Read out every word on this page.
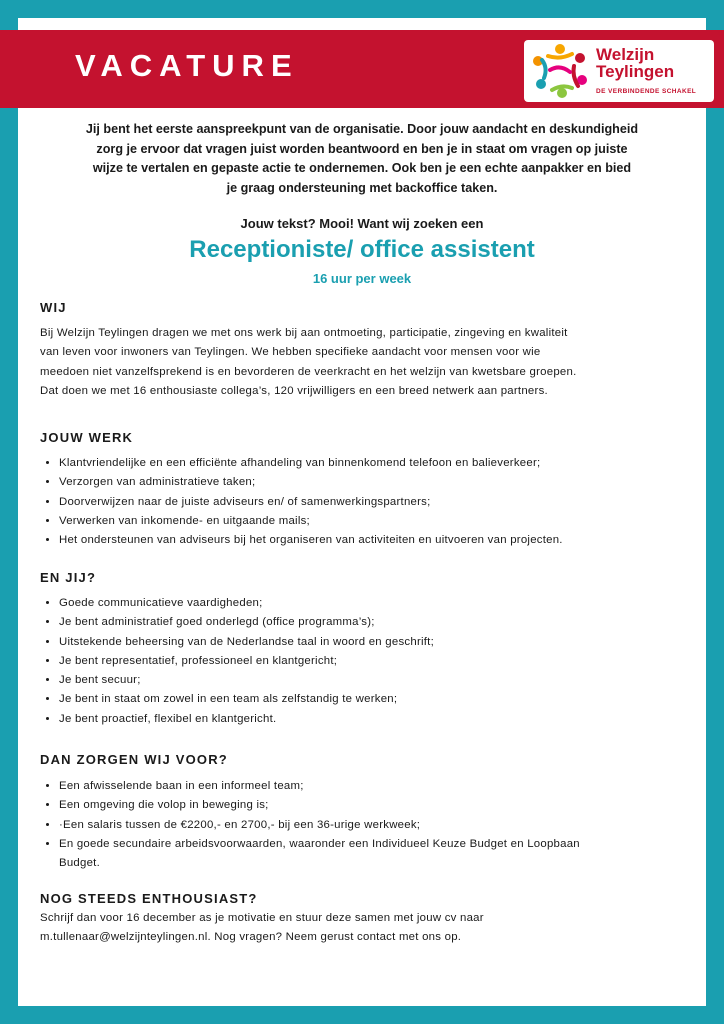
VACATURE	Welzijn
Teylingen
DE VERBINDENDE SCHAKEL

Jij bent het eerste aanspreekpunt van de organisatie. Door jouw aandacht en deskundigheid
zorg je ervoor dat vragen juist worden beantwoord en ben je in staat om vragen op juiste
wijze te vertalen en gepaste actie te ondernemen. Ook ben je een echte aanpakker en bied
je graag ondersteuning met backoffice taken.

Jouw tekst? Mooi! Want wij zoeken een

Receptioniste/ office assistent

16 uur per week

WIJ

Bij Welzijn Teylingen dragen we met ons werk bij aan ontmoeting, participatie, zingeving en kwaliteit
van leven voor inwoners van Teylingen. We hebben specifieke aandacht voor mensen voor wie
meedoen niet vanzelfsprekend is en bevorderen de veerkracht en het welzijn van kwetsbare groepen.
Dat doen we met 16 enthousiaste collega’s, 120 vrijwilligers en een breed netwerk aan partners.

JOUW WERK
• Klantvriendelijke en een efficiënte afhandeling van binnenkomend telefoon en balieverkeer;
• Verzorgen van administratieve taken;
• Doorverwijzen naar de juiste adviseurs en/ of samenwerkingspartners;
• Verwerken van inkomende- en uitgaande mails;
• Het ondersteunen van adviseurs bij het organiseren van activiteiten en uitvoeren van projecten.
EN JIJ?
• Goede communicatieve vaardigheden;
• Je bent administratief goed onderlegd (office programma’s);
• Uitstekende beheersing van de Nederlandse taal in woord en geschrift;
• Je bent representatief, professioneel en klantgericht;
• Je bent secuur;
• Je bent in staat om zowel in een team als zelfstandig te werken;
• Je bent proactief, flexibel en klantgericht.
DAN ZORGEN WIJ VOOR?
• Een afwisselende baan in een informeel team;
• Een omgeving die volop in beweging is;
• ·Een salaris tussen de €2200,- en 2700,- bij een 36-urige werkweek;
• En goede secundaire arbeidsvoorwaarden, waaronder een Individueel Keuze Budget en Loopbaan
Budget.
NOG STEEDS ENTHOUSIAST?

Schrijf dan voor 16 december as je motivatie en stuur deze samen met jouw cv naar
m.tullenaar@welzijnteylingen.nl. Nog vragen? Neem gerust contact met ons op.
